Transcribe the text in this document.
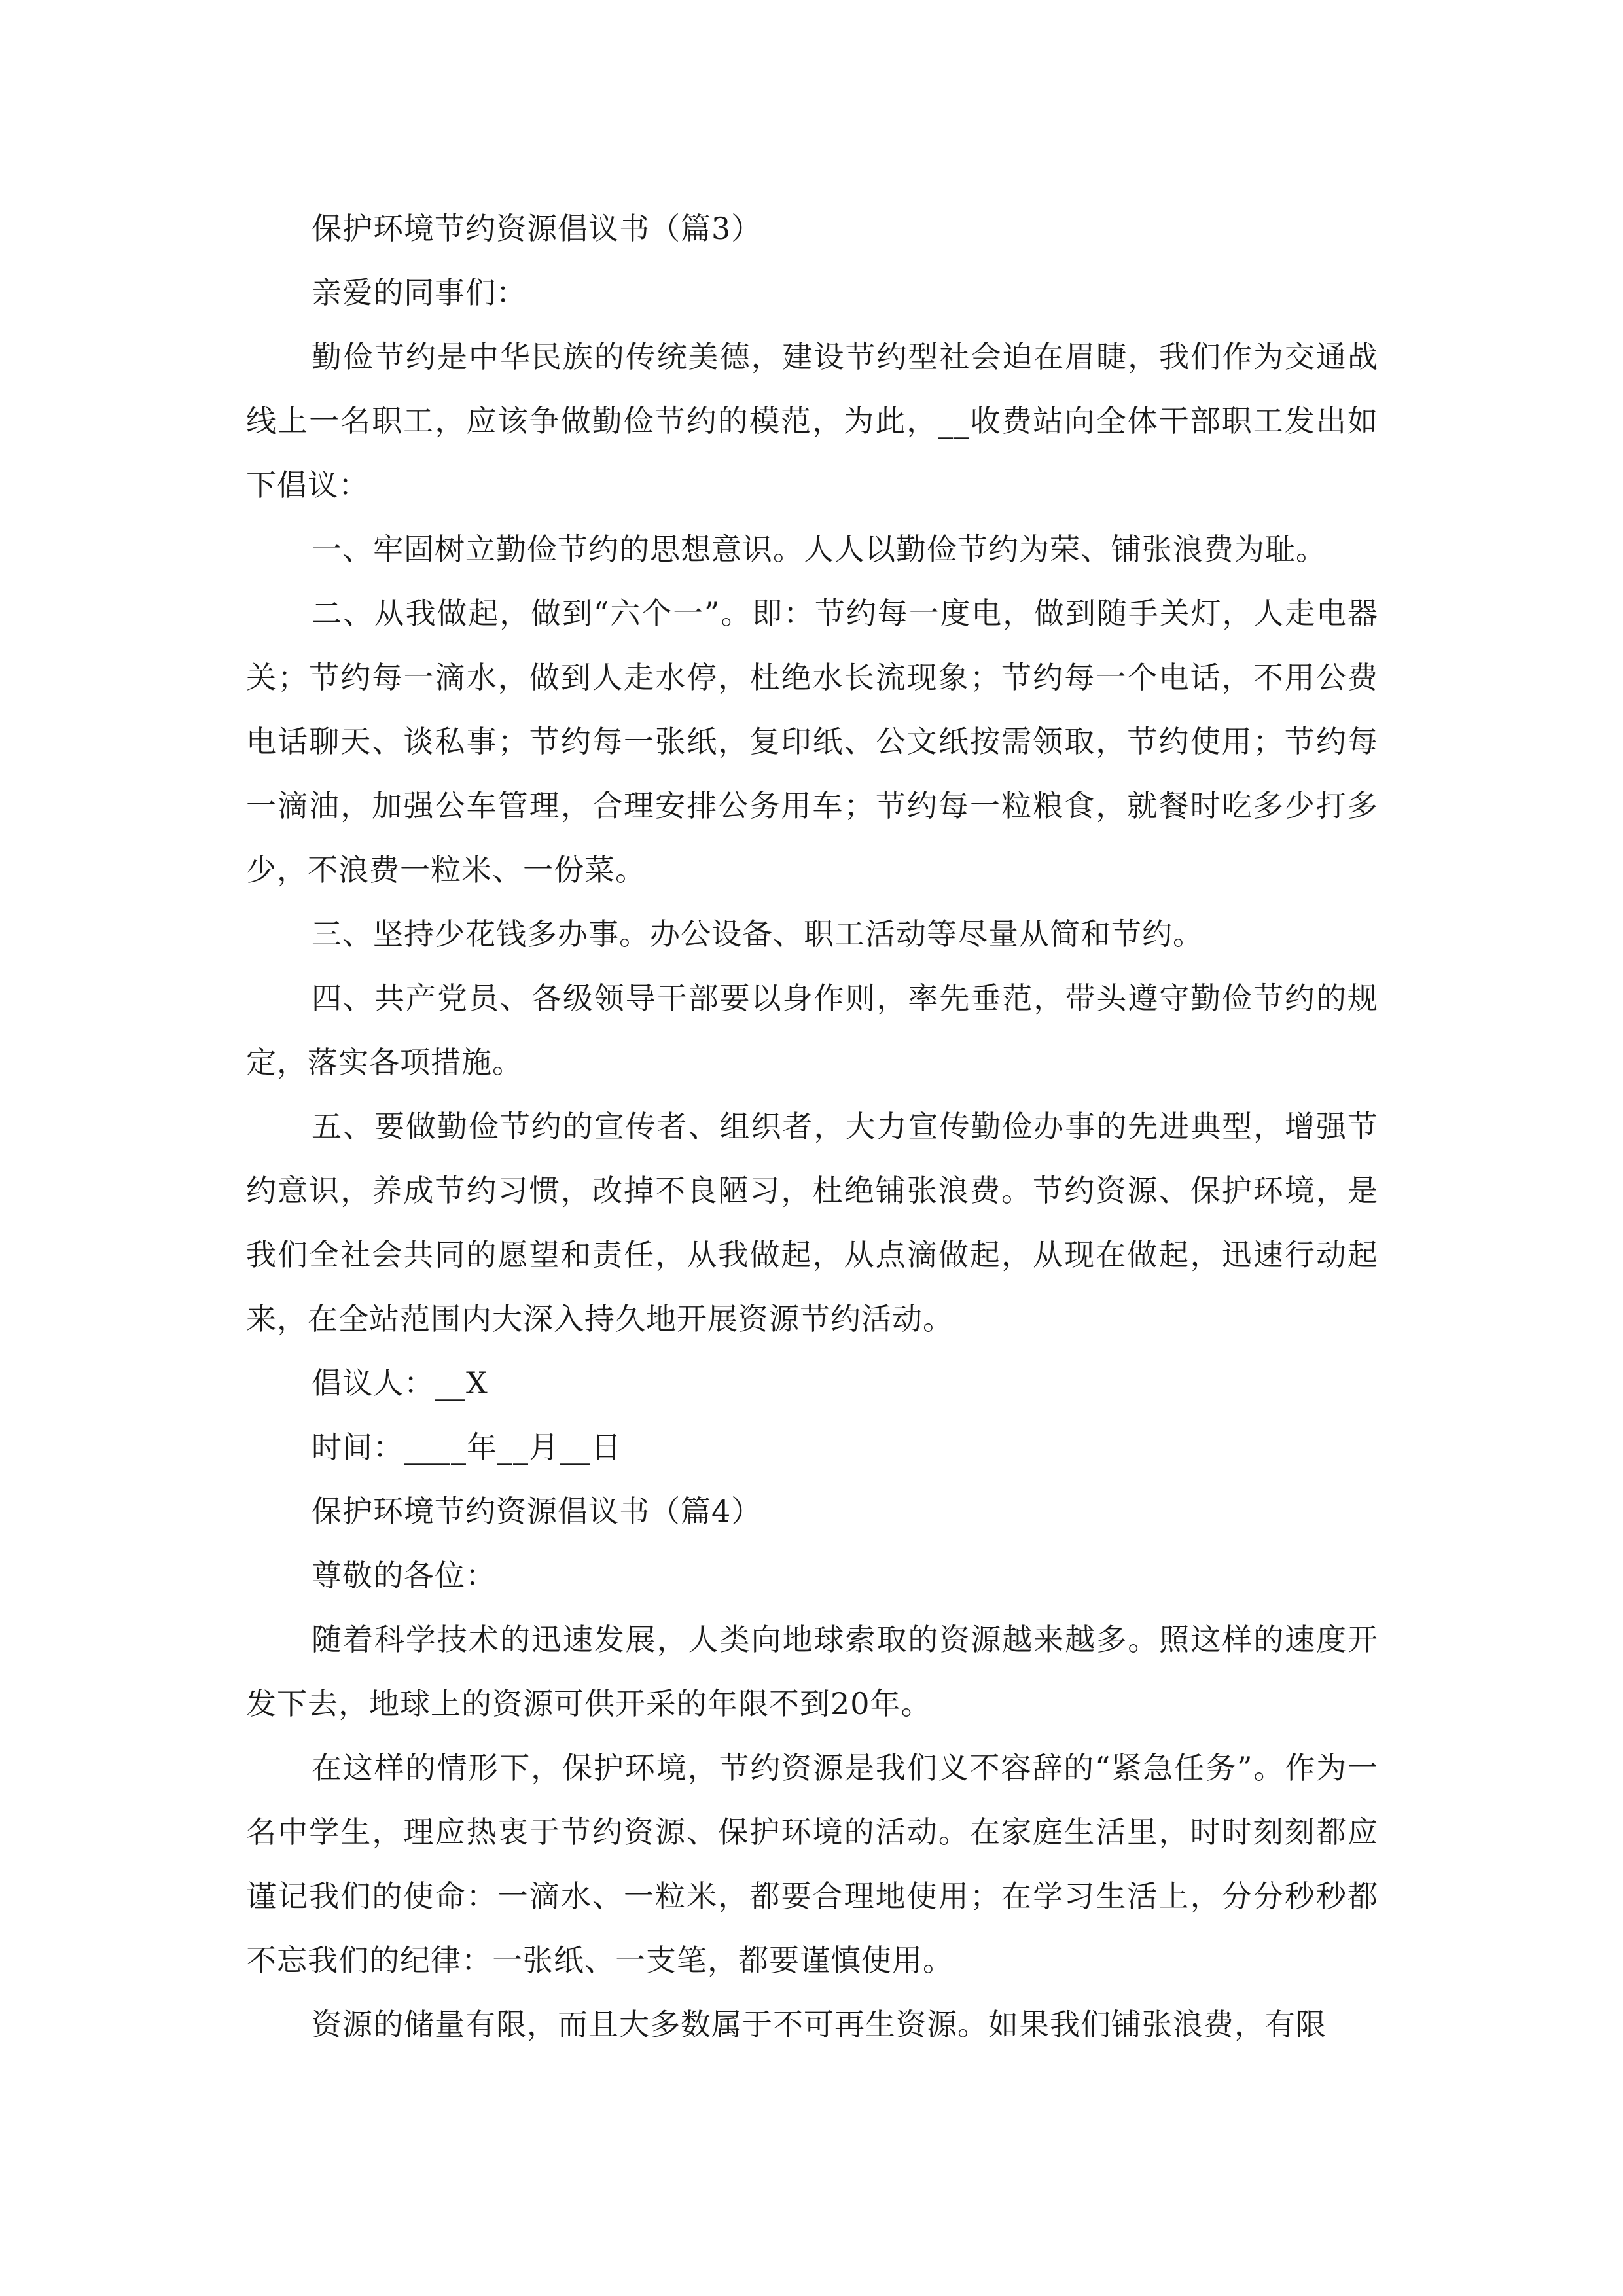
保护环境节约资源倡议书（篇3）
亲爱的同事们：
勤俭节约是中华民族的传统美德，建设节约型社会迫在眉睫，我们作为交通战线上一名职工，应该争做勤俭节约的模范，为此，__收费站向全体干部职工发出如下倡议：
一、牢固树立勤俭节约的思想意识。人人以勤俭节约为荣、铺张浪费为耻。
二、从我做起，做到“六个一”。即：节约每一度电，做到随手关灯，人走电器关；节约每一滴水，做到人走水停，杜绝水长流现象；节约每一个电话，不用公费电话聊天、谈私事；节约每一张纸，复印纸、公文纸按需领取，节约使用；节约每一滴油，加强公车管理，合理安排公务用车；节约每一粒粮食，就餐时吃多少打多少，不浪费一粒米、一份菜。
三、坚持少花钱多办事。办公设备、职工活动等尽量从简和节约。
四、共产党员、各级领导干部要以身作则，率先垂范，带头遵守勤俭节约的规定，落实各项措施。
五、要做勤俭节约的宣传者、组织者，大力宣传勤俭办事的先进典型，增强节约意识，养成节约习惯，改掉不良陋习，杜绝铺张浪费。节约资源、保护环境，是我们全社会共同的愿望和责任，从我做起，从点滴做起，从现在做起，迅速行动起来，在全站范围内大深入持久地开展资源节约活动。
倡议人：__X
时间：____年__月__日
保护环境节约资源倡议书（篇4）
尊敬的各位：
随着科学技术的迅速发展，人类向地球索取的资源越来越多。照这样的速度开发下去，地球上的资源可供开采的年限不到20年。
在这样的情形下，保护环境，节约资源是我们义不容辞的“紧急任务”。作为一名中学生，理应热衷于节约资源、保护环境的活动。在家庭生活里，时时刻刻都应谨记我们的使命：一滴水、一粒米，都要合理地使用；在学习生活上，分分秒秒都不忘我们的纪律：一张纸、一支笔，都要谨慎使用。
资源的储量有限，而且大多数属于不可再生资源。如果我们铺张浪费，有限
